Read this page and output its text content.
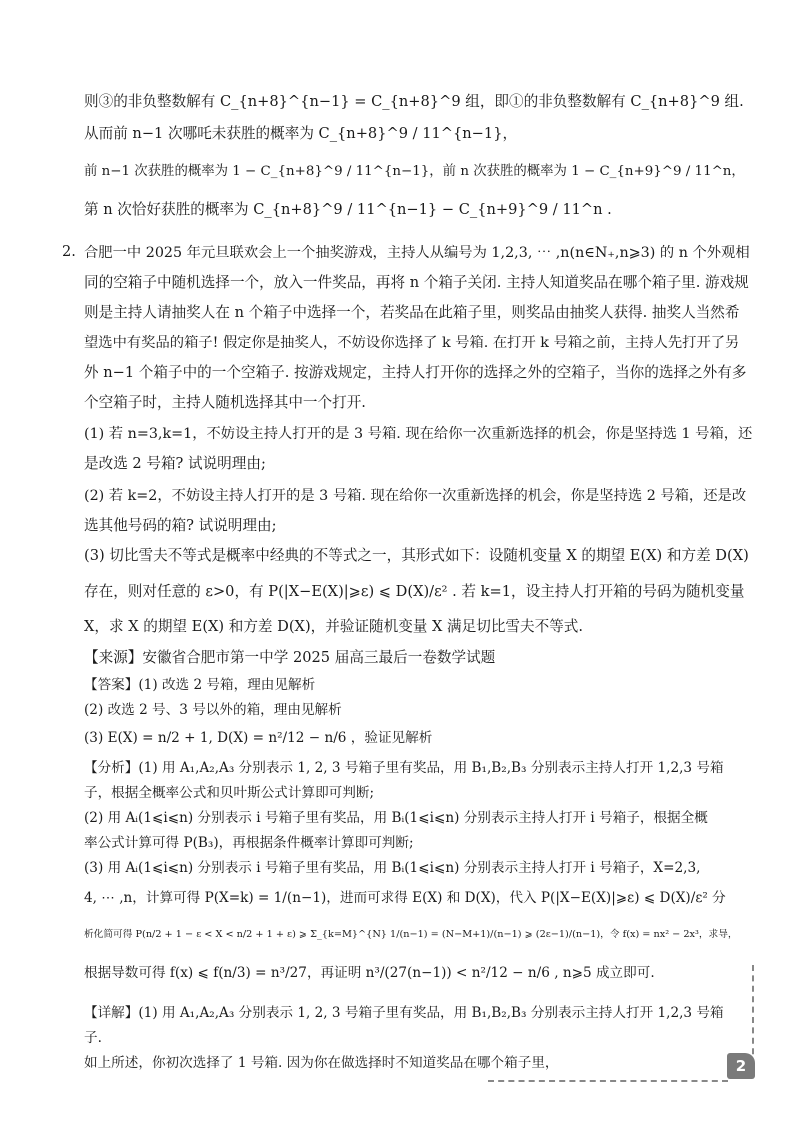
则③的非负整数解有 C_{n+8}^{n−1} = C_{n+8}^9 组，即①的非负整数解有 C_{n+8}^9 组.
从而前 n−1 次哪吒未获胜的概率为 C_{n+8}^9 / 11^{n−1}，
前 n−1 次获胜的概率为 1 − C_{n+8}^9 / 11^{n−1}，前 n 次获胜的概率为 1 − C_{n+9}^9 / 11^n，
第 n 次恰好获胜的概率为 C_{n+8}^9 / 11^{n−1} − C_{n+9}^9 / 11^n .
2. 合肥一中 2025 年元旦联欢会上一个抽奖游戏，主持人从编号为 1,2,3, ⋯ ,n(n∈N₊,n⩾3) 的 n 个外观相
同的空箱子中随机选择一个，放入一件奖品，再将 n 个箱子关闭. 主持人知道奖品在哪个箱子里. 游戏规
则是主持人请抽奖人在 n 个箱子中选择一个，若奖品在此箱子里，则奖品由抽奖人获得. 抽奖人当然希
望选中有奖品的箱子! 假定你是抽奖人，不妨设你选择了 k 号箱. 在打开 k 号箱之前，主持人先打开了另
外 n−1 个箱子中的一个空箱子. 按游戏规定，主持人打开你的选择之外的空箱子，当你的选择之外有多
个空箱子时，主持人随机选择其中一个打开.
(1) 若 n=3,k=1，不妨设主持人打开的是 3 号箱. 现在给你一次重新选择的机会，你是坚持选 1 号箱，还
是改选 2 号箱? 试说明理由;
(2) 若 k=2，不妨设主持人打开的是 3 号箱. 现在给你一次重新选择的机会，你是坚持选 2 号箱，还是改
选其他号码的箱? 试说明理由;
(3) 切比雪夫不等式是概率中经典的不等式之一，其形式如下：设随机变量 X 的期望 E(X) 和方差 D(X)
存在，则对任意的 ε>0，有 P(|X−E(X)|⩾ε) ⩽ D(X)/ε² . 若 k=1，设主持人打开箱的号码为随机变量
X，求 X 的期望 E(X) 和方差 D(X)，并验证随机变量 X 满足切比雪夫不等式.
【来源】安徽省合肥市第一中学 2025 届高三最后一卷数学试题
【答案】(1) 改选 2 号箱，理由见解析
(2) 改选 2 号、3 号以外的箱，理由见解析
(3) E(X) = n/2 + 1, D(X) = n²/12 − n/6 ，验证见解析
【分析】(1) 用 A₁,A₂,A₃ 分别表示 1, 2, 3 号箱子里有奖品，用 B₁,B₂,B₃ 分别表示主持人打开 1,2,3 号箱
子，根据全概率公式和贝叶斯公式计算即可判断;
(2) 用 Aᵢ(1⩽i⩽n) 分别表示 i 号箱子里有奖品，用 Bᵢ(1⩽i⩽n) 分别表示主持人打开 i 号箱子，根据全概
率公式计算可得 P(B₃)，再根据条件概率计算即可判断;
(3) 用 Aᵢ(1⩽i⩽n) 分别表示 i 号箱子里有奖品，用 Bᵢ(1⩽i⩽n) 分别表示主持人打开 i 号箱子，X=2,3,
4, ⋯ ,n，计算可得 P(X=k) = 1/(n−1)，进而可求得 E(X) 和 D(X)，代入 P(|X−E(X)|⩾ε) ⩽ D(X)/ε² 分
析化简可得 P(n/2 + 1 − ε < X < n/2 + 1 + ε) ⩾ Σ_{k=M}^{N} 1/(n−1) = (N−M+1)/(n−1) ⩾ (2ε−1)/(n−1)，令 f(x) = nx² − 2x³，求导，
根据导数可得 f(x) ⩽ f(n/3) = n³/27，再证明 n³/(27(n−1)) < n²/12 − n/6 , n⩾5 成立即可.
【详解】(1) 用 A₁,A₂,A₃ 分别表示 1, 2, 3 号箱子里有奖品，用 B₁,B₂,B₃ 分别表示主持人打开 1,2,3 号箱
子.
如上所述，你初次选择了 1 号箱. 因为你在做选择时不知道奖品在哪个箱子里，	2
